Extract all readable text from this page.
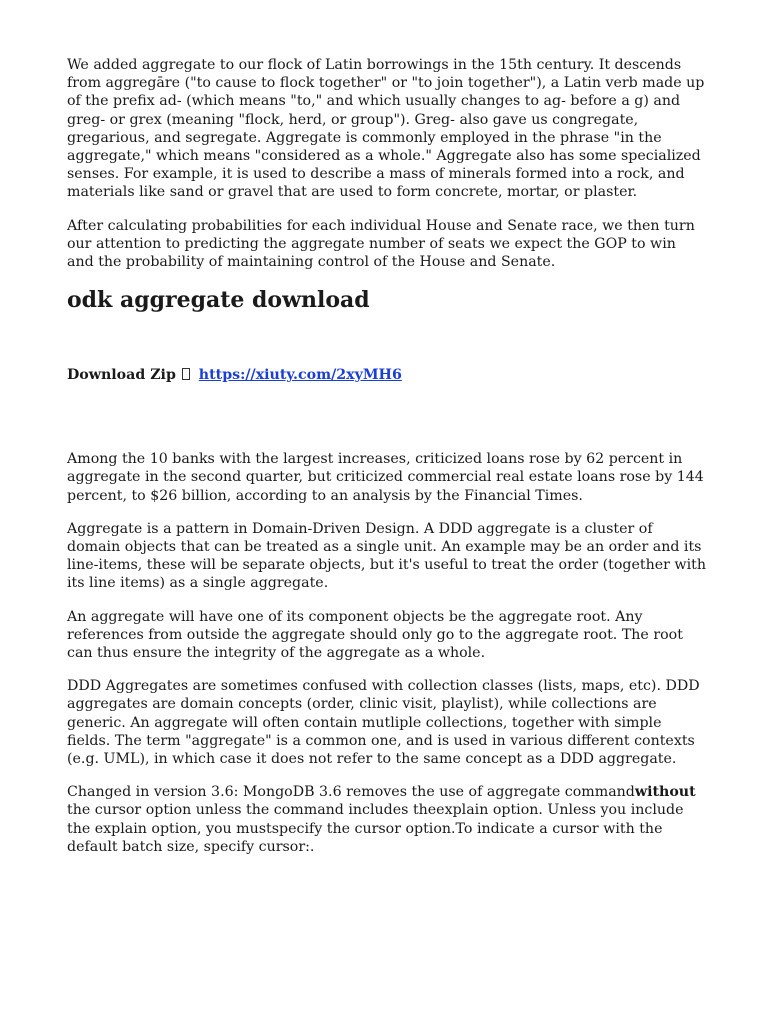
We added aggregate to our flock of Latin borrowings in the 15th century. It descends from aggregāre ("to cause to flock together" or "to join together"), a Latin verb made up of the prefix ad- (which means "to," and which usually changes to ag- before a g) and greg- or grex (meaning "flock, herd, or group"). Greg- also gave us congregate, gregarious, and segregate. Aggregate is commonly employed in the phrase "in the aggregate," which means "considered as a whole." Aggregate also has some specialized senses. For example, it is used to describe a mass of minerals formed into a rock, and materials like sand or gravel that are used to form concrete, mortar, or plaster.

After calculating probabilities for each individual House and Senate race, we then turn our attention to predicting the aggregate number of seats we expect the GOP to win and the probability of maintaining control of the House and Senate.

odk aggregate download
Download Zip https://xiuty.com/2xyMH6

Among the 10 banks with the largest increases, criticized loans rose by 62 percent in aggregate in the second quarter, but criticized commercial real estate loans rose by 144 percent, to $26 billion, according to an analysis by the Financial Times.

Aggregate is a pattern in Domain-Driven Design. A DDD aggregate is a cluster of domain objects that can be treated as a single unit. An example may be an order and its line-items, these will be separate objects, but it's useful to treat the order (together with its line items) as a single aggregate.

An aggregate will have one of its component objects be the aggregate root. Any references from outside the aggregate should only go to the aggregate root. The root can thus ensure the integrity of the aggregate as a whole.

DDD Aggregates are sometimes confused with collection classes (lists, maps, etc). DDD aggregates are domain concepts (order, clinic visit, playlist), while collections are generic. An aggregate will often contain mutliple collections, together with simple fields. The term "aggregate" is a common one, and is used in various different contexts (e.g. UML), in which case it does not refer to the same concept as a DDD aggregate.

Changed in version 3.6: MongoDB 3.6 removes the use of aggregate commandwithout the cursor option unless the command includes theexplain option. Unless you include the explain option, you mustspecify the cursor option.To indicate a cursor with the default batch size, specify cursor:.
